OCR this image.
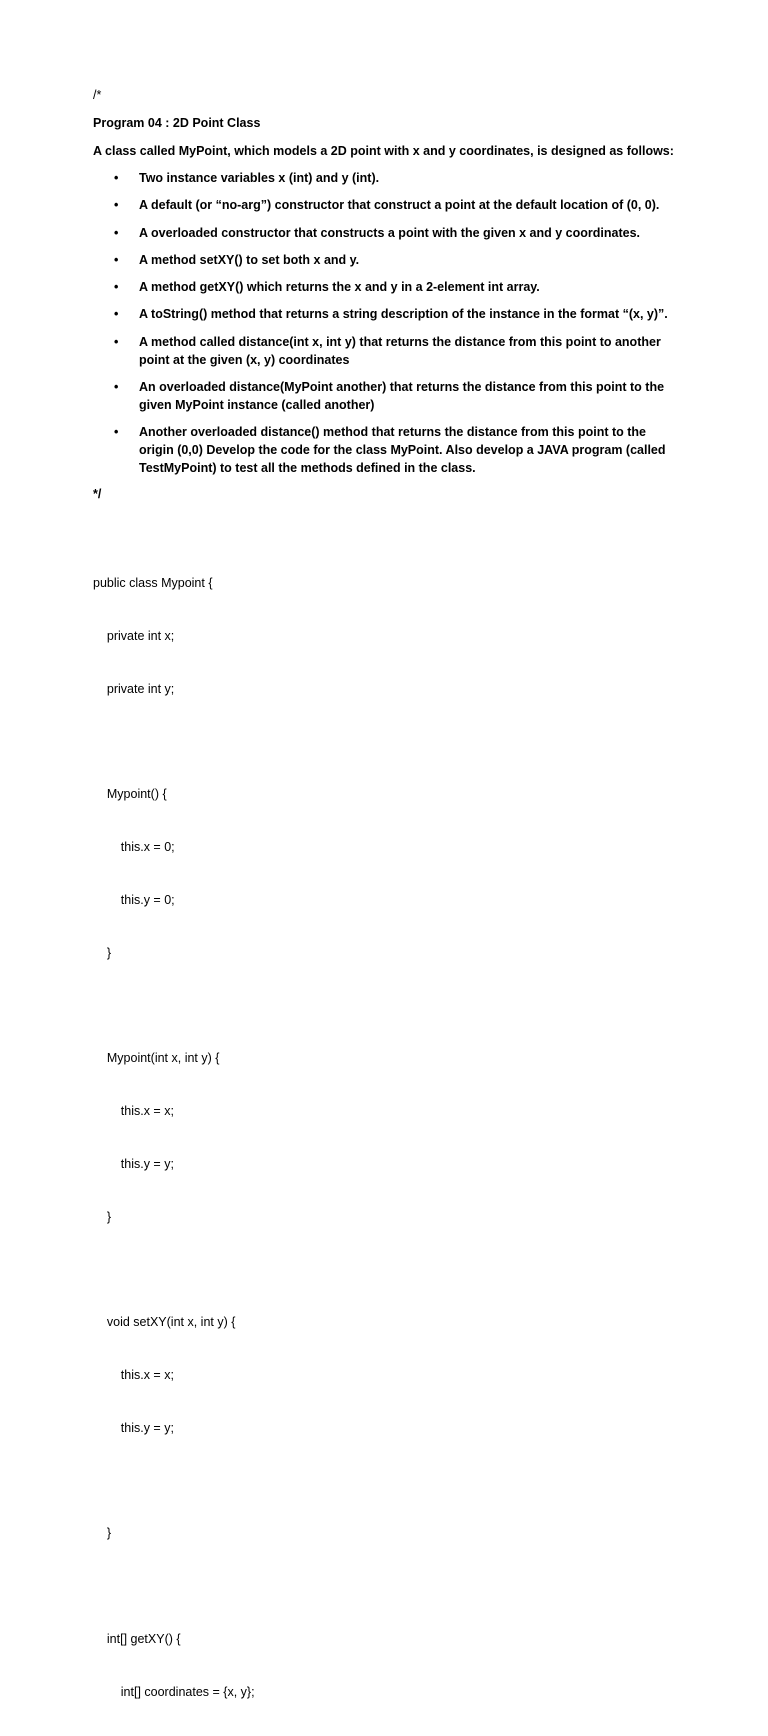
/*
Program 04 : 2D Point Class
A class called MyPoint, which models a 2D point with x and y coordinates, is designed as follows:
• Two instance variables x (int) and y (int).
• A default (or “no-arg”) constructor that construct a point at the default location of (0, 0).
• A overloaded constructor that constructs a point with the given x and y coordinates.
• A method setXY() to set both x and y.
• A method getXY() which returns the x and y in a 2-element int array.
• A toString() method that returns a string description of the instance in the format “(x, y)”.
• A method called distance(int x, int y) that returns the distance from this point to another point at the given (x, y) coordinates
• An overloaded distance(MyPoint another) that returns the distance from this point to the given MyPoint instance (called another)
• Another overloaded distance() method that returns the distance from this point to the origin (0,0) Develop the code for the class MyPoint. Also develop a JAVA program (called TestMyPoint) to test all the methods defined in the class.
*/

public class Mypoint {

private int x;

private int y;

Mypoint() {

this.x = 0;

this.y = 0;

}

Mypoint(int x, int y) {

this.x = x;

this.y = y;

}

void setXY(int x, int y) {

this.x = x;

this.y = y;

}

int[] getXY() {

int[] coordinates = {x, y};
